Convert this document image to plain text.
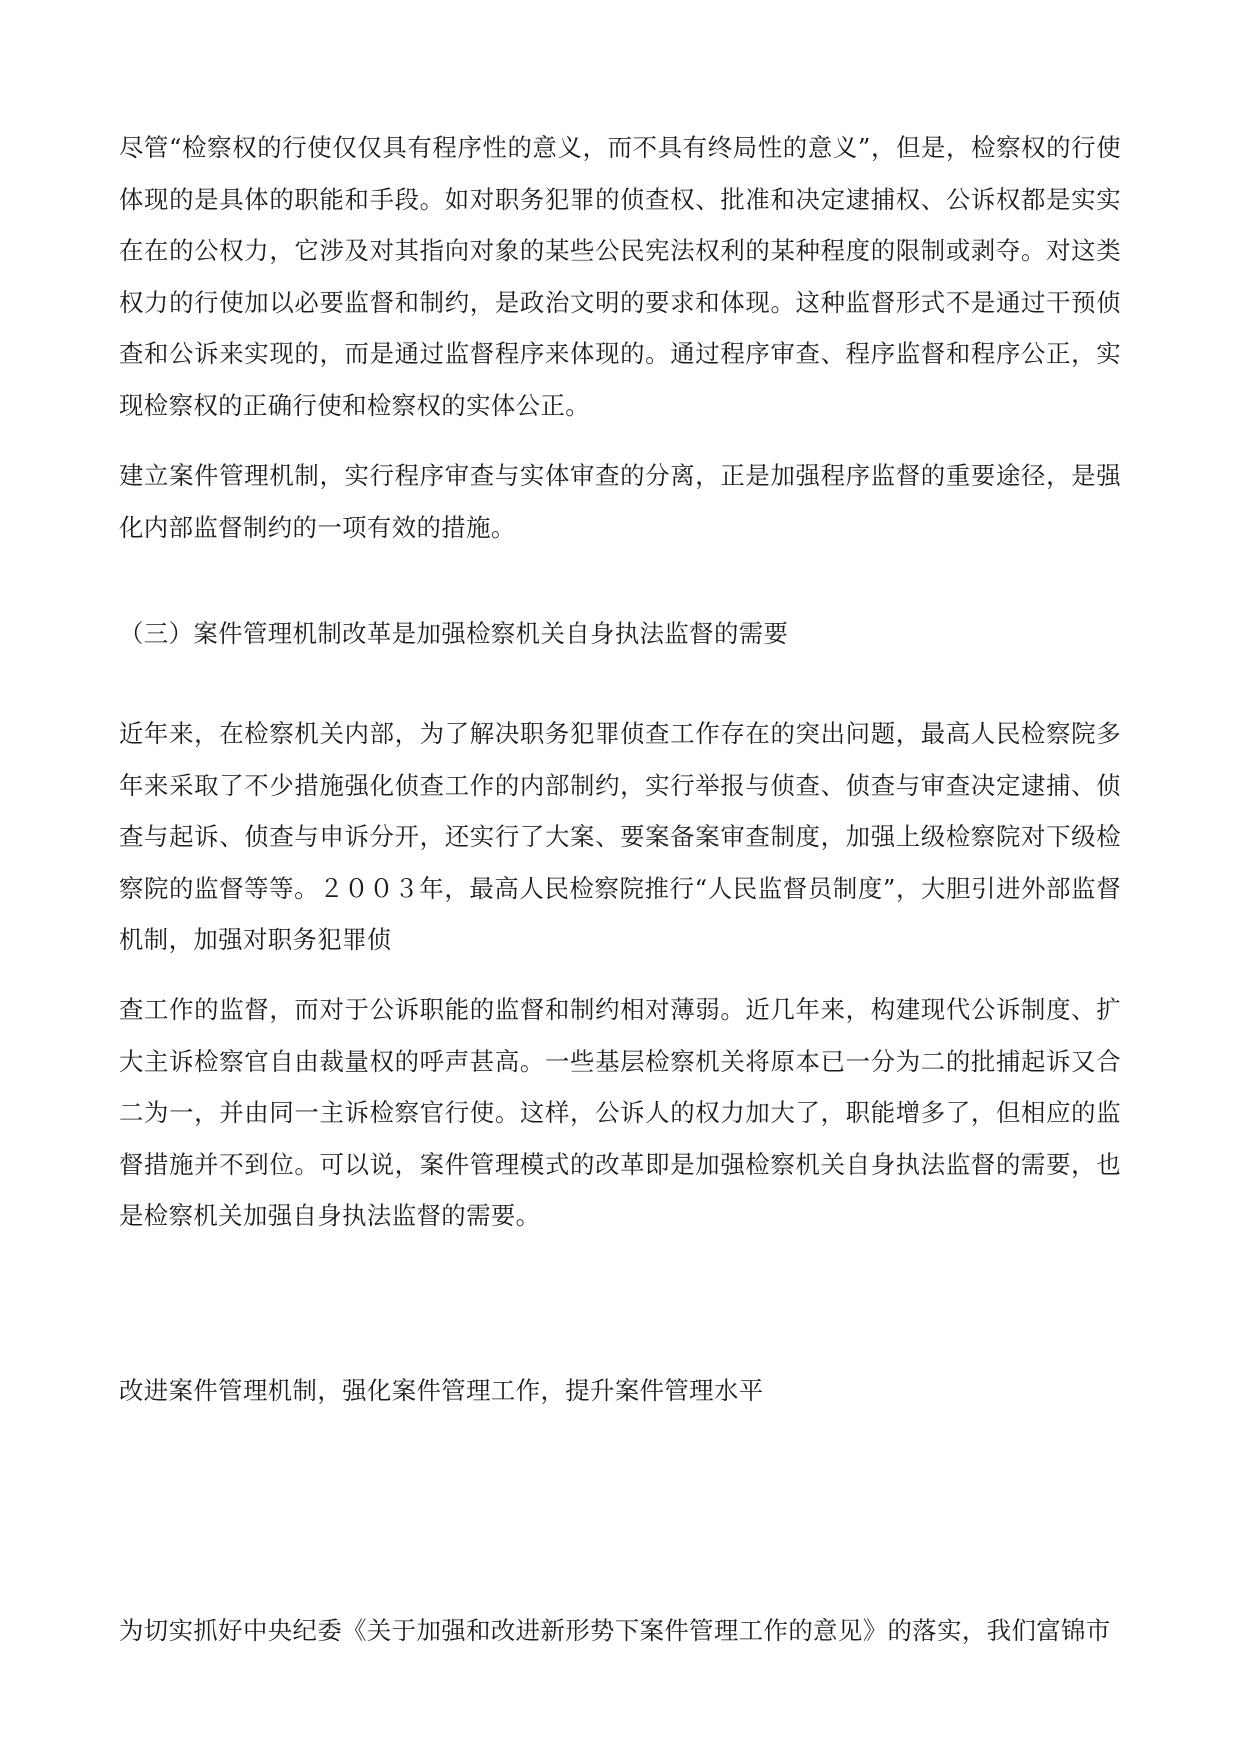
尽管“检察权的行使仅仅具有程序性的意义，而不具有终局性的意义”，但是，检察权的行使体现的是具体的职能和手段。如对职务犯罪的侦查权、批准和决定逮捕权、公诉权都是实实在在的公权力，它涉及对其指向对象的某些公民宪法权利的某种程度的限制或剥夺。对这类权力的行使加以必要监督和制约，是政治文明的要求和体现。这种监督形式不是通过干预侦查和公诉来实现的，而是通过监督程序来体现的。通过程序审查、程序监督和程序公正，实现检察权的正确行使和检察权的实体公正。

建立案件管理机制，实行程序审查与实体审查的分离，正是加强程序监督的重要途径，是强化内部监督制约的一项有效的措施。

（三）案件管理机制改革是加强检察机关自身执法监督的需要

近年来，在检察机关内部，为了解决职务犯罪侦查工作存在的突出问题，最高人民检察院多年来采取了不少措施强化侦查工作的内部制约，实行举报与侦查、侦查与审查决定逮捕、侦查与起诉、侦查与申诉分开，还实行了大案、要案备案审查制度，加强上级检察院对下级检察院的监督等等。２００３年，最高人民检察院推行“人民监督员制度”，大胆引进外部监督机制，加强对职务犯罪侦

查工作的监督，而对于公诉职能的监督和制约相对薄弱。近几年来，构建现代公诉制度、扩大主诉检察官自由裁量权的呼声甚高。一些基层检察机关将原本已一分为二的批捕起诉又合二为一，并由同一主诉检察官行使。这样，公诉人的权力加大了，职能增多了，但相应的监督措施并不到位。可以说，案件管理模式的改革即是加强检察机关自身执法监督的需要，也是检察机关加强自身执法监督的需要。

改进案件管理机制，强化案件管理工作，提升案件管理水平

为切实抓好中央纪委《关于加强和改进新形势下案件管理工作的意见》的落实，我们富锦市
